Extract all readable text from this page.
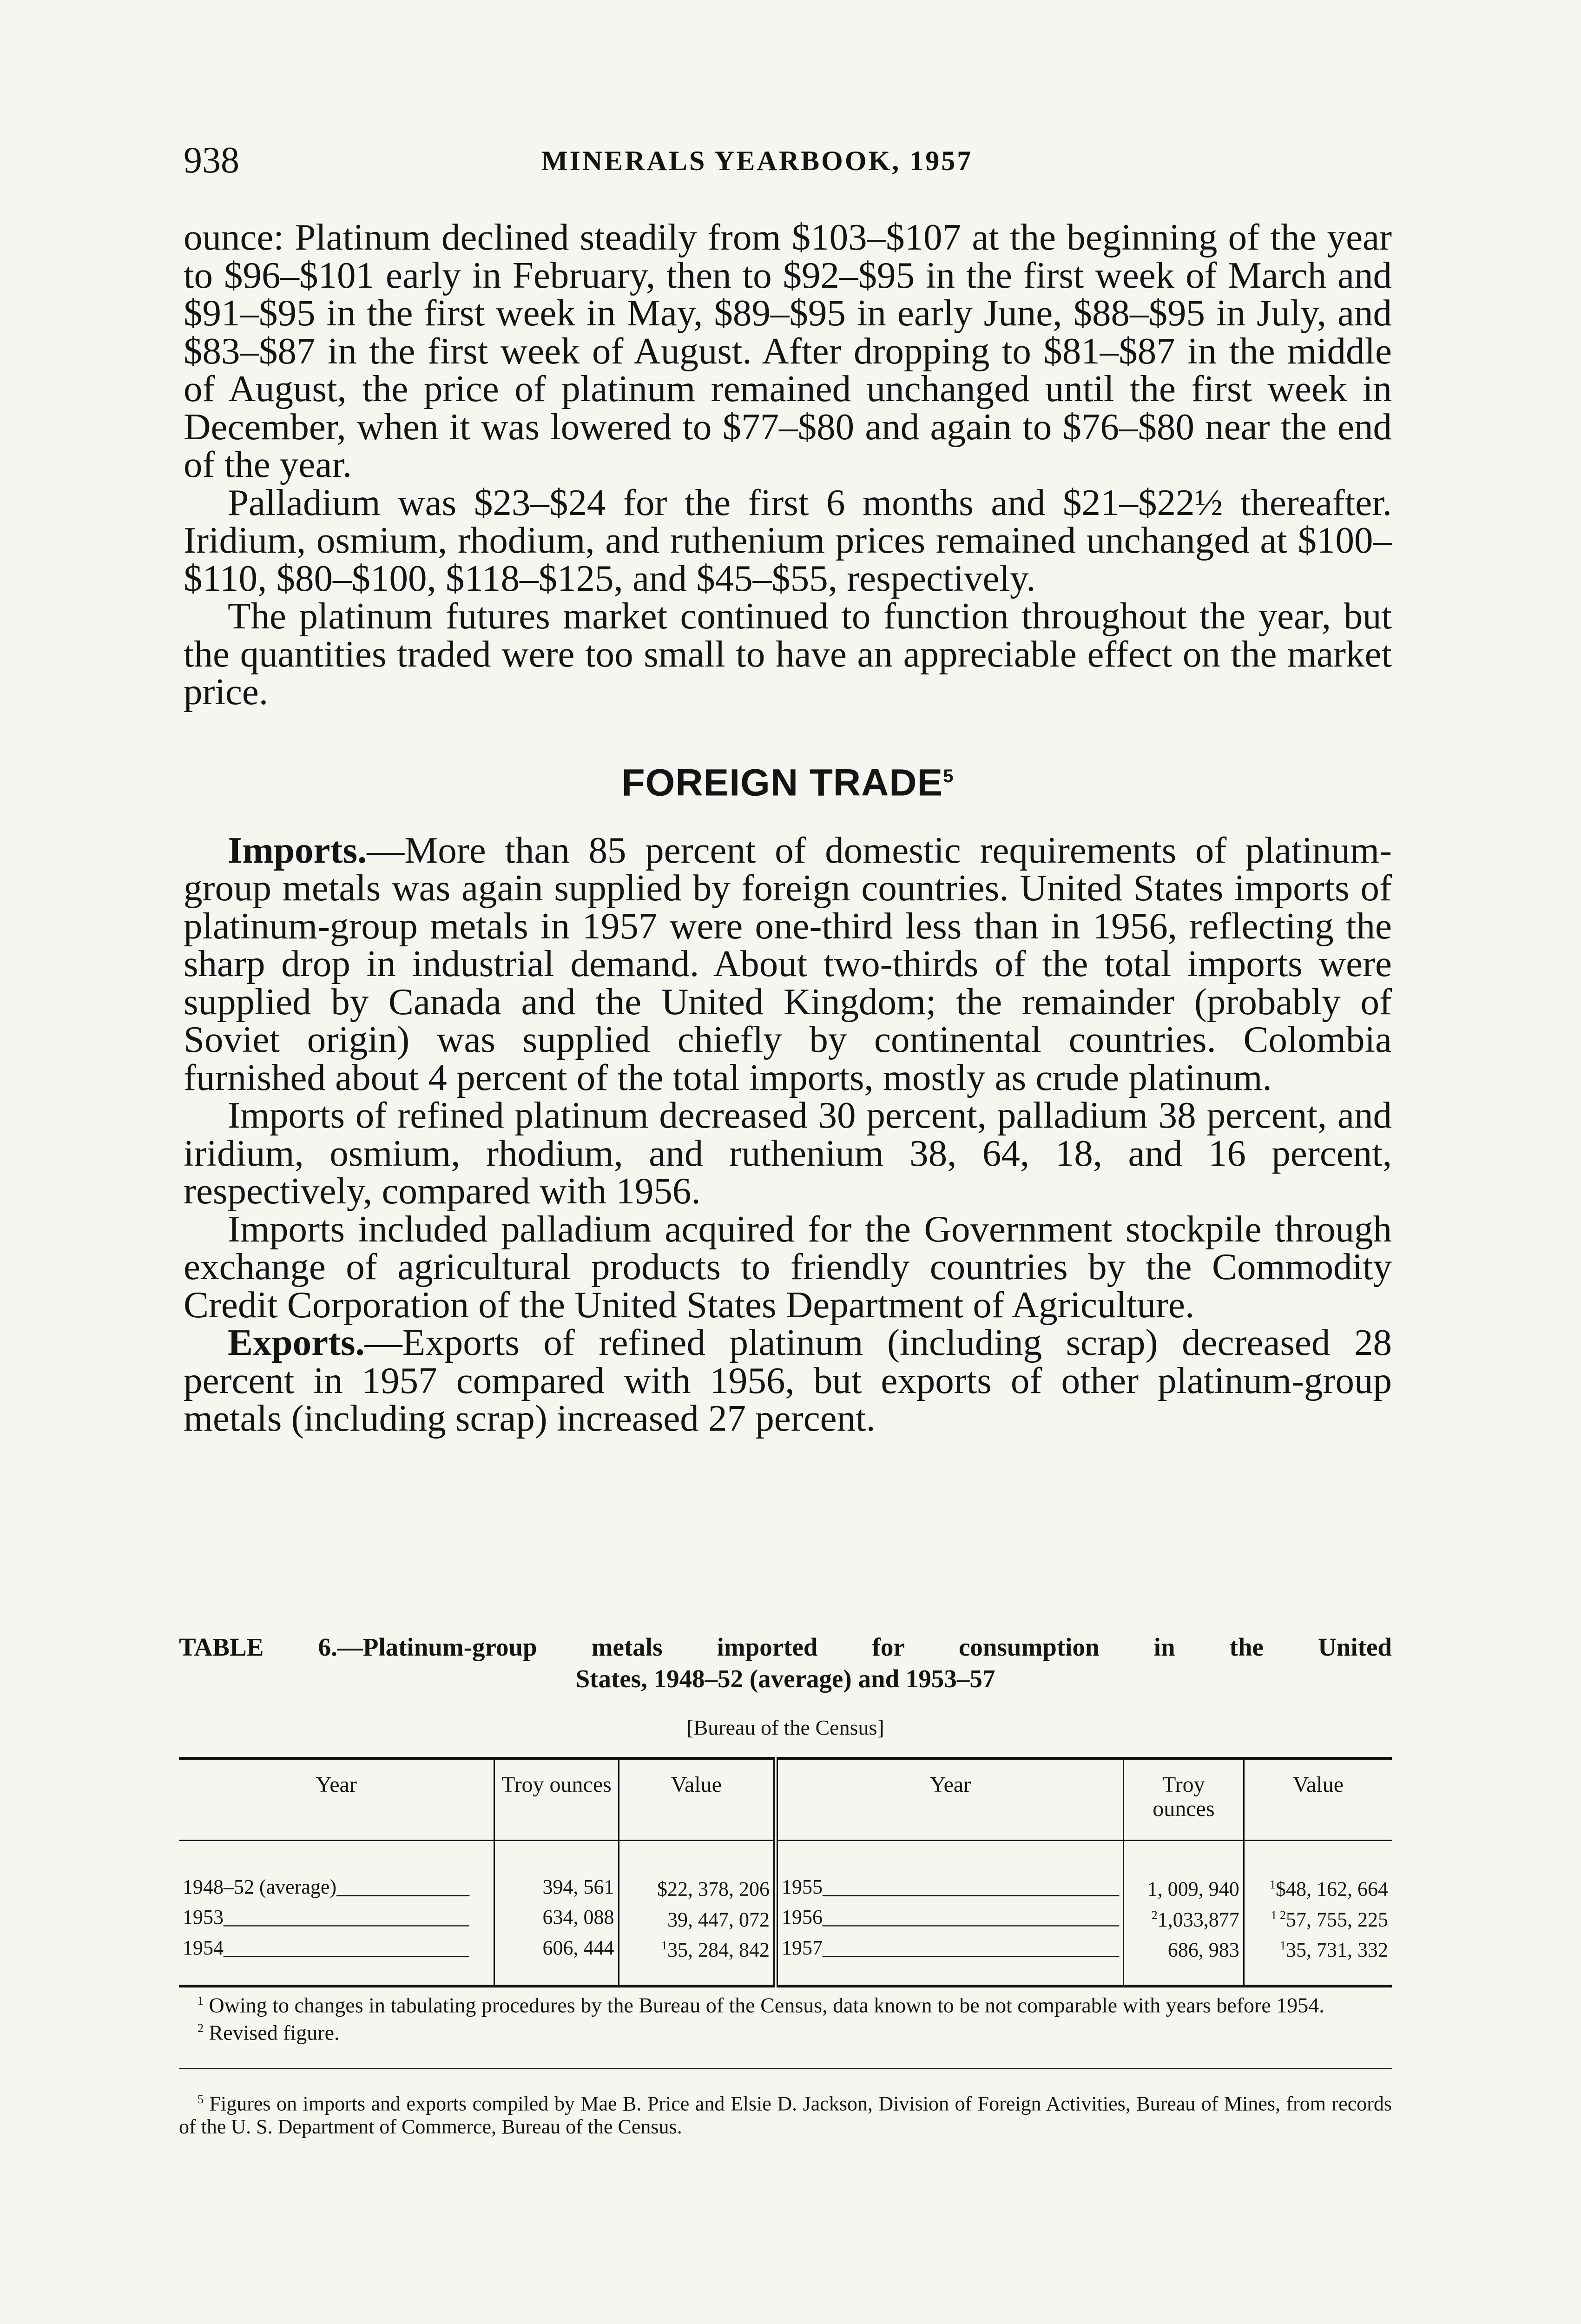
938	MINERALS YEARBOOK, 1957

ounce: Platinum declined steadily from $103–$107 at the beginning of the year to $96–$101 early in February, then to $92–$95 in the first week of March and $91–$95 in the first week in May, $89–$95 in early June, $88–$95 in July, and $83–$87 in the first week of August. After dropping to $81–$87 in the middle of August, the price of platinum remained unchanged until the first week in December, when it was lowered to $77–$80 and again to $76–$80 near the end of the year.

Palladium was $23–$24 for the first 6 months and $21–$22½ thereafter. Iridium, osmium, rhodium, and ruthenium prices remained unchanged at $100–$110, $80–$100, $118–$125, and $45–$55, respectively.

The platinum futures market continued to function throughout the year, but the quantities traded were too small to have an appreciable effect on the market price.

FOREIGN TRADE$^5$

Imports.—More than 85 percent of domestic requirements of platinum-group metals was again supplied by foreign countries. United States imports of platinum-group metals in 1957 were one-third less than in 1956, reflecting the sharp drop in industrial demand. About two-thirds of the total imports were supplied by Canada and the United Kingdom; the remainder (probably of Soviet origin) was supplied chiefly by continental countries. Colombia furnished about 4 percent of the total imports, mostly as crude platinum.

Imports of refined platinum decreased 30 percent, palladium 38 percent, and iridium, osmium, rhodium, and ruthenium 38, 64, 18, and 16 percent, respectively, compared with 1956.

Imports included palladium acquired for the Government stockpile through exchange of agricultural products to friendly countries by the Commodity Credit Corporation of the United States Department of Agriculture.

Exports.—Exports of refined platinum (including scrap) decreased 28 percent in 1957 compared with 1956, but exports of other platinum-group metals (including scrap) increased 27 percent.

TABLE 6.—Platinum-group metals imported for consumption in the United
States, 1948–52 (average) and 1953–57
[Bureau of the Census]
Year	Troy ounces	Value	Year	Troy ounces	Value
1948–52 (average)_____________	394, 561	$22, 378, 206	1955_____________________________	1, 009, 940	$^1$\$48, 162, 664
1953________________________	634, 088	39, 447, 072	1956_____________________________	$^2$1,033,877	$^{1 2}$57, 755, 225
1954________________________	606, 444	$^1$35, 284, 842	1957_____________________________	686, 983	$^1$35, 731, 332

$^1$ Owing to changes in tabulating procedures by the Bureau of the Census, data known to be not comparable with years before 1954.

$^2$ Revised figure.

$^5$ Figures on imports and exports compiled by Mae B. Price and Elsie D. Jackson, Division of Foreign Activities, Bureau of Mines, from records of the U. S. Department of Commerce, Bureau of the Census.
